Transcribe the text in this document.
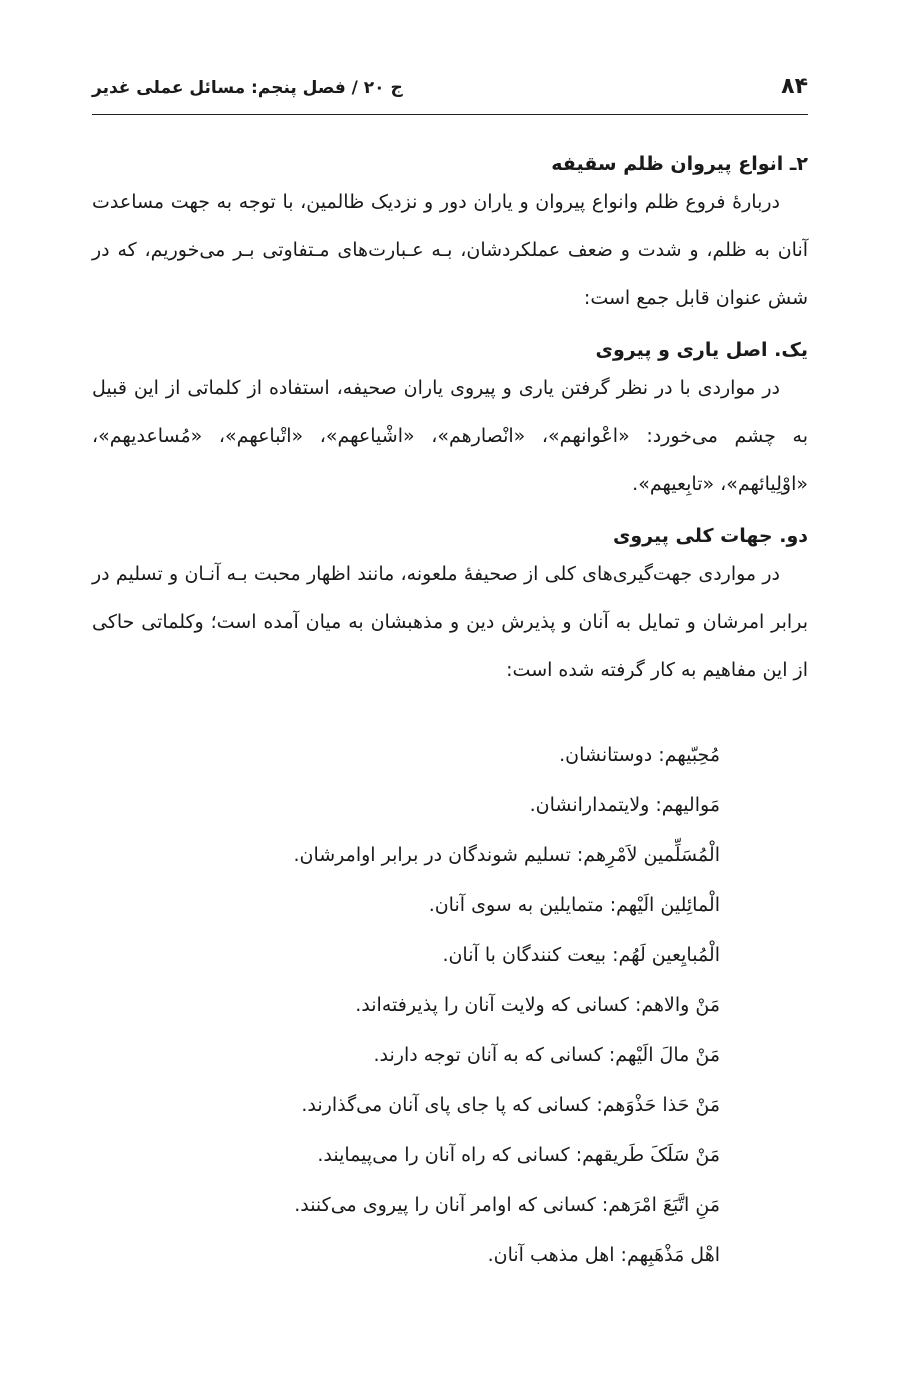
۸۴
ج ۲۰ / فصل پنجم: مسائل عملی غدیر
۲ـ انواع پیروان ظلم سقیفه

دربارۀ فروع ظلم وانواع پیروان و یاران دور و نزدیک ظالمین، با توجه به جهت مساعدت آنان به ظلم، و شدت و ضعف عملکردشان، بـه عـبارت‌های مـتفاوتی بـر می‌خوریم، که در شش عنوان قابل جمع است:

یک. اصل یاری و پیروی

در مواردی با در نظر گرفتن یاری و پیروی یاران صحیفه، استفاده از کلماتی از این قبیل به چشم می‌خورد: «اعْوانهم»، «انْصارهم»، «اشْیاعهم»، «اتْباعهم»، «مُساعدیهم»، «اوْلِیائهم»، «تابِعیهم».

دو. جهات کلی پیروی

در مواردی جهت‌گیری‌های کلی از صحیفۀ ملعونه، مانند اظهار محبت بـه آنـان و تسلیم در برابر امرشان و تمایل به آنان و پذیرش دین و مذهبشان به میان آمده است؛ وکلماتی حاکی از این مفاهیم به کار گرفته شده است:

مُحِبّیهم: دوستانشان.
مَوالیهم: ولایتمدارانشان.
الْمُسَلِّمین لاَمْرِهم: تسلیم شوندگان در برابر اوامرشان.
الْمائِلین الَیْهم: متمایلین به سوی آنان.
الْمُبایِعین لَهُم: بیعت کنندگان با آنان.
مَنْ والاهم: کسانی که ولایت آنان را پذیرفته‌اند.
مَنْ مالَ الَیْهم: کسانی که به آنان توجه دارند.
مَنْ حَذا حَذْوَهم: کسانی که پا جای پای آنان می‌گذارند.
مَنْ سَلَکَ طَریقهم: کسانی که راه آنان را می‌پیمایند.
مَنِ اتَّبَعَ امْرَهم: کسانی که اوامر آنان را پیروی می‌کنند.
اهْل مَذْهَبِهم: اهل مذهب آنان.
